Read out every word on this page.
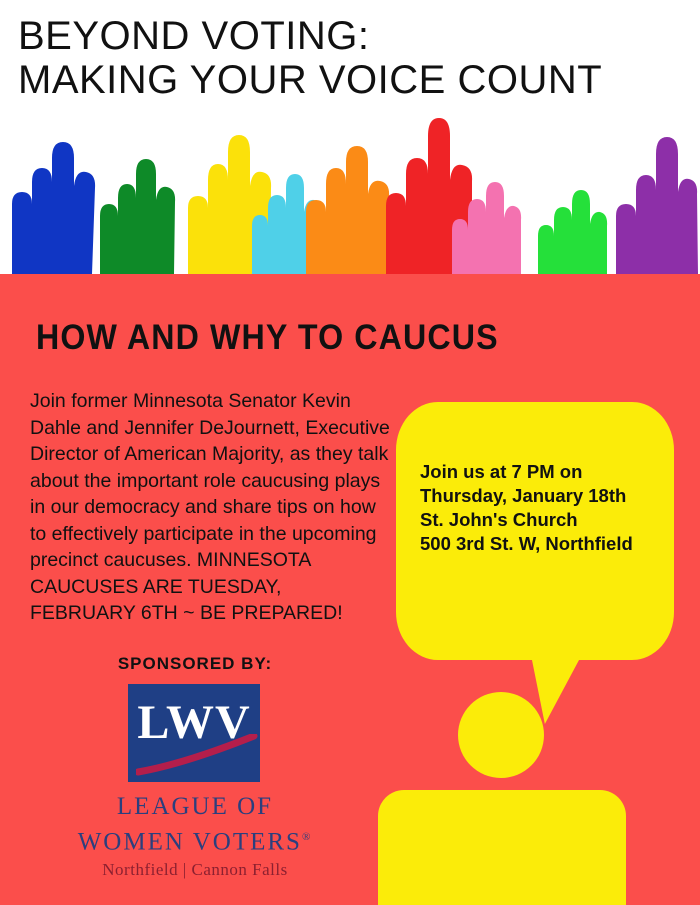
BEYOND VOTING:
MAKING YOUR VOICE COUNT
HOW AND WHY TO CAUCUS
Join former Minnesota Senator Kevin Dahle and Jennifer DeJournett, Executive Director of American Majority, as they talk about the important role caucusing plays in our democracy and share tips on how to effectively participate in the upcoming precinct caucuses. MINNESOTA CAUCUSES ARE TUESDAY, FEBRUARY 6TH ~ BE PREPARED!
Join us at 7 PM on
Thursday, January 18th
St. John's Church
500 3rd St. W, Northfield
SPONSORED BY:
LWV
LEAGUE OF
WOMEN VOTERS®
Northfield | Cannon Falls
